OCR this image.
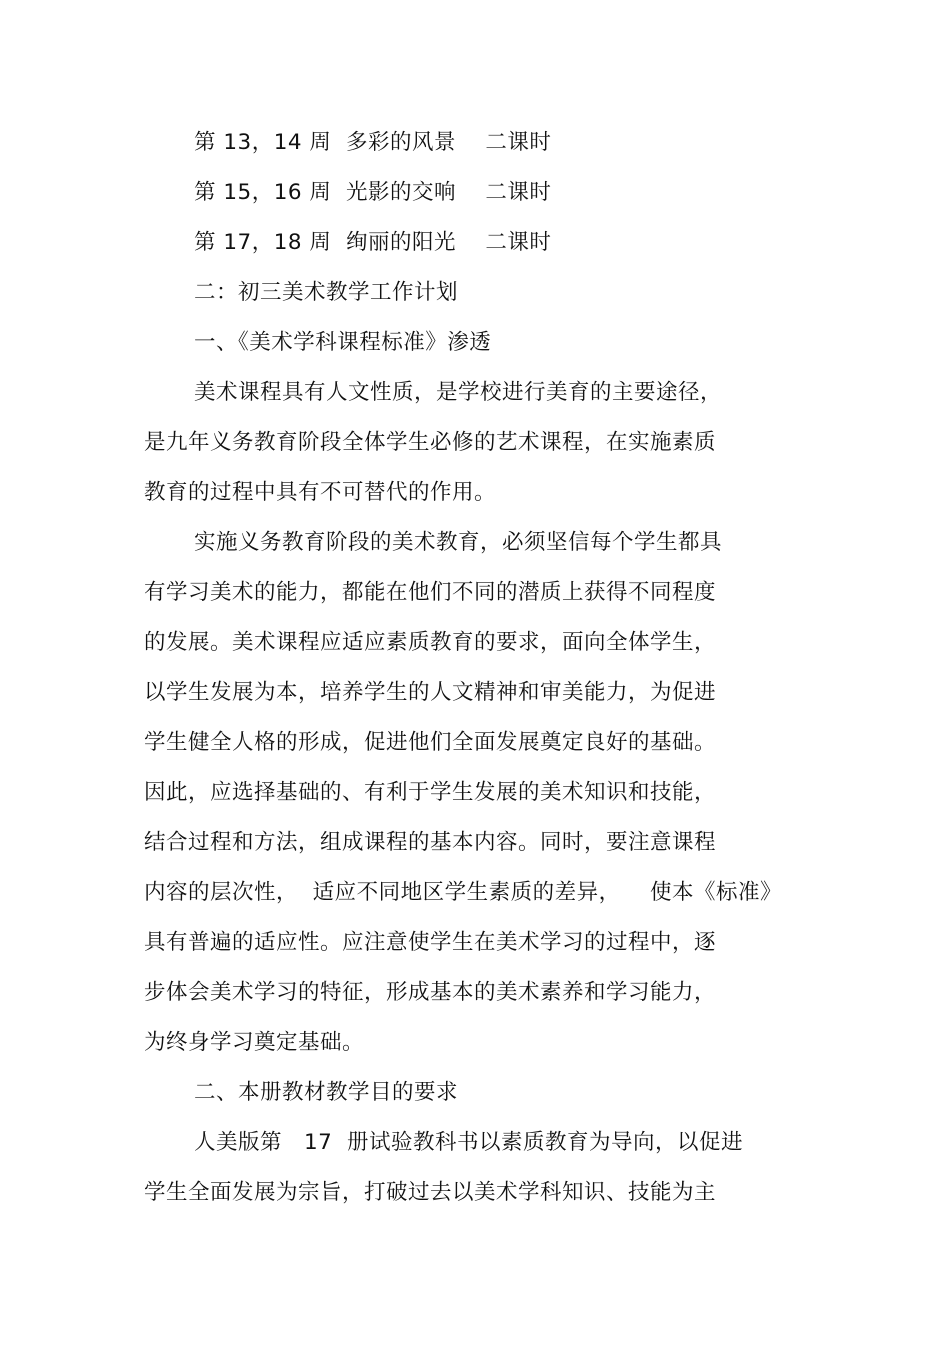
第 13，14 周  多彩的风景    二课时
第 15，16 周  光影的交响    二课时
第 17，18 周  绚丽的阳光    二课时
二：初三美术教学工作计划
一、《美术学科课程标准》渗透
美术课程具有人文性质，是学校进行美育的主要途径，
是九年义务教育阶段全体学生必修的艺术课程，在实施素质
教育的过程中具有不可替代的作用。
实施义务教育阶段的美术教育，必须坚信每个学生都具
有学习美术的能力，都能在他们不同的潜质上获得不同程度
的发展。美术课程应适应素质教育的要求，面向全体学生，
以学生发展为本，培养学生的人文精神和审美能力，为促进
学生健全人格的形成，促进他们全面发展奠定良好的基础。
因此，应选择基础的、有利于学生发展的美术知识和技能，
结合过程和方法，组成课程的基本内容。同时，要注意课程
内容的层次性，  适应不同地区学生素质的差异，    使本《标准》
具有普遍的适应性。应注意使学生在美术学习的过程中，逐
步体会美术学习的特征，形成基本的美术素养和学习能力，
为终身学习奠定基础。
二、本册教材教学目的要求
人美版第   17  册试验教科书以素质教育为导向，以促进
学生全面发展为宗旨，打破过去以美术学科知识、技能为主
